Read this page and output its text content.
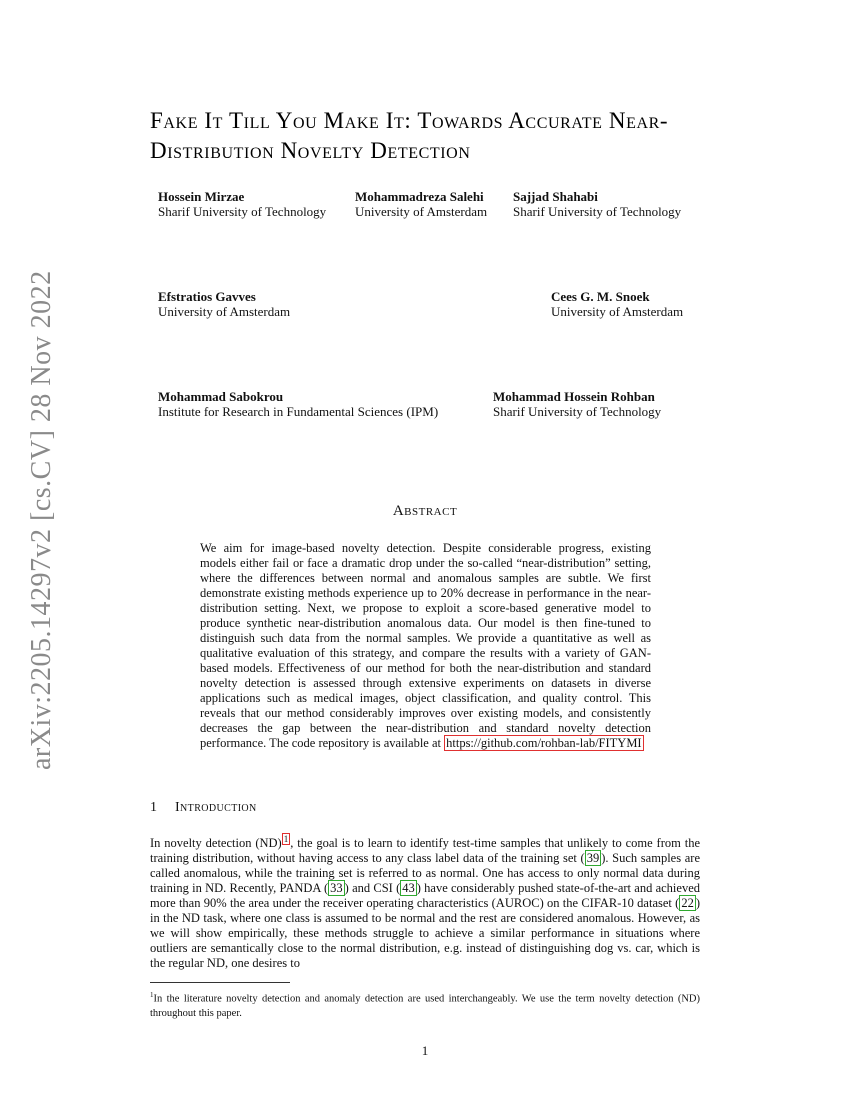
arXiv:2205.14297v2 [cs.CV] 28 Nov 2022
Fake It Till You Make It: Towards Accurate Near-Distribution Novelty Detection
Hossein Mirzae
Sharif University of Technology
Mohammadreza Salehi
University of Amsterdam
Sajjad Shahabi
Sharif University of Technology
Efstratios Gavves
University of Amsterdam
Cees G. M. Snoek
University of Amsterdam
Mohammad Sabokrou
Institute for Research in Fundamental Sciences (IPM)
Mohammad Hossein Rohban
Sharif University of Technology
Abstract
We aim for image-based novelty detection. Despite considerable progress, existing models either fail or face a dramatic drop under the so-called “near-distribution” setting, where the differences between normal and anomalous samples are subtle. We first demonstrate existing methods experience up to 20% decrease in performance in the near-distribution setting. Next, we propose to exploit a score-based generative model to produce synthetic near-distribution anomalous data. Our model is then fine-tuned to distinguish such data from the normal samples. We provide a quantitative as well as qualitative evaluation of this strategy, and compare the results with a variety of GAN-based models. Effectiveness of our method for both the near-distribution and standard novelty detection is assessed through extensive experiments on datasets in diverse applications such as medical images, object classification, and quality control. This reveals that our method considerably improves over existing models, and consistently decreases the gap between the near-distribution and standard novelty detection performance. The code repository is available at https://github.com/rohban-lab/FITYMI
1 Introduction
In novelty detection (ND) $^1$ , the goal is to learn to identify test-time samples that unlikely to come from the training distribution, without having access to any class label data of the training set ( 39 ). Such samples are called anomalous, while the training set is referred to as normal. One has access to only normal data during training in ND. Recently, PANDA ( 33 ) and CSI ( 43 ) have considerably pushed state-of-the-art and achieved more than 90% the area under the receiver operating characteristics (AUROC) on the CIFAR-10 dataset ( 22 ) in the ND task, where one class is assumed to be normal and the rest are considered anomalous. However, as we will show empirically, these methods struggle to achieve a similar performance in situations where outliers are semantically close to the normal distribution, e.g. instead of distinguishing dog vs. car, which is the regular ND, one desires to
$^1$In the literature novelty detection and anomaly detection are used interchangeably. We use the term novelty detection (ND) throughout this paper.
1
